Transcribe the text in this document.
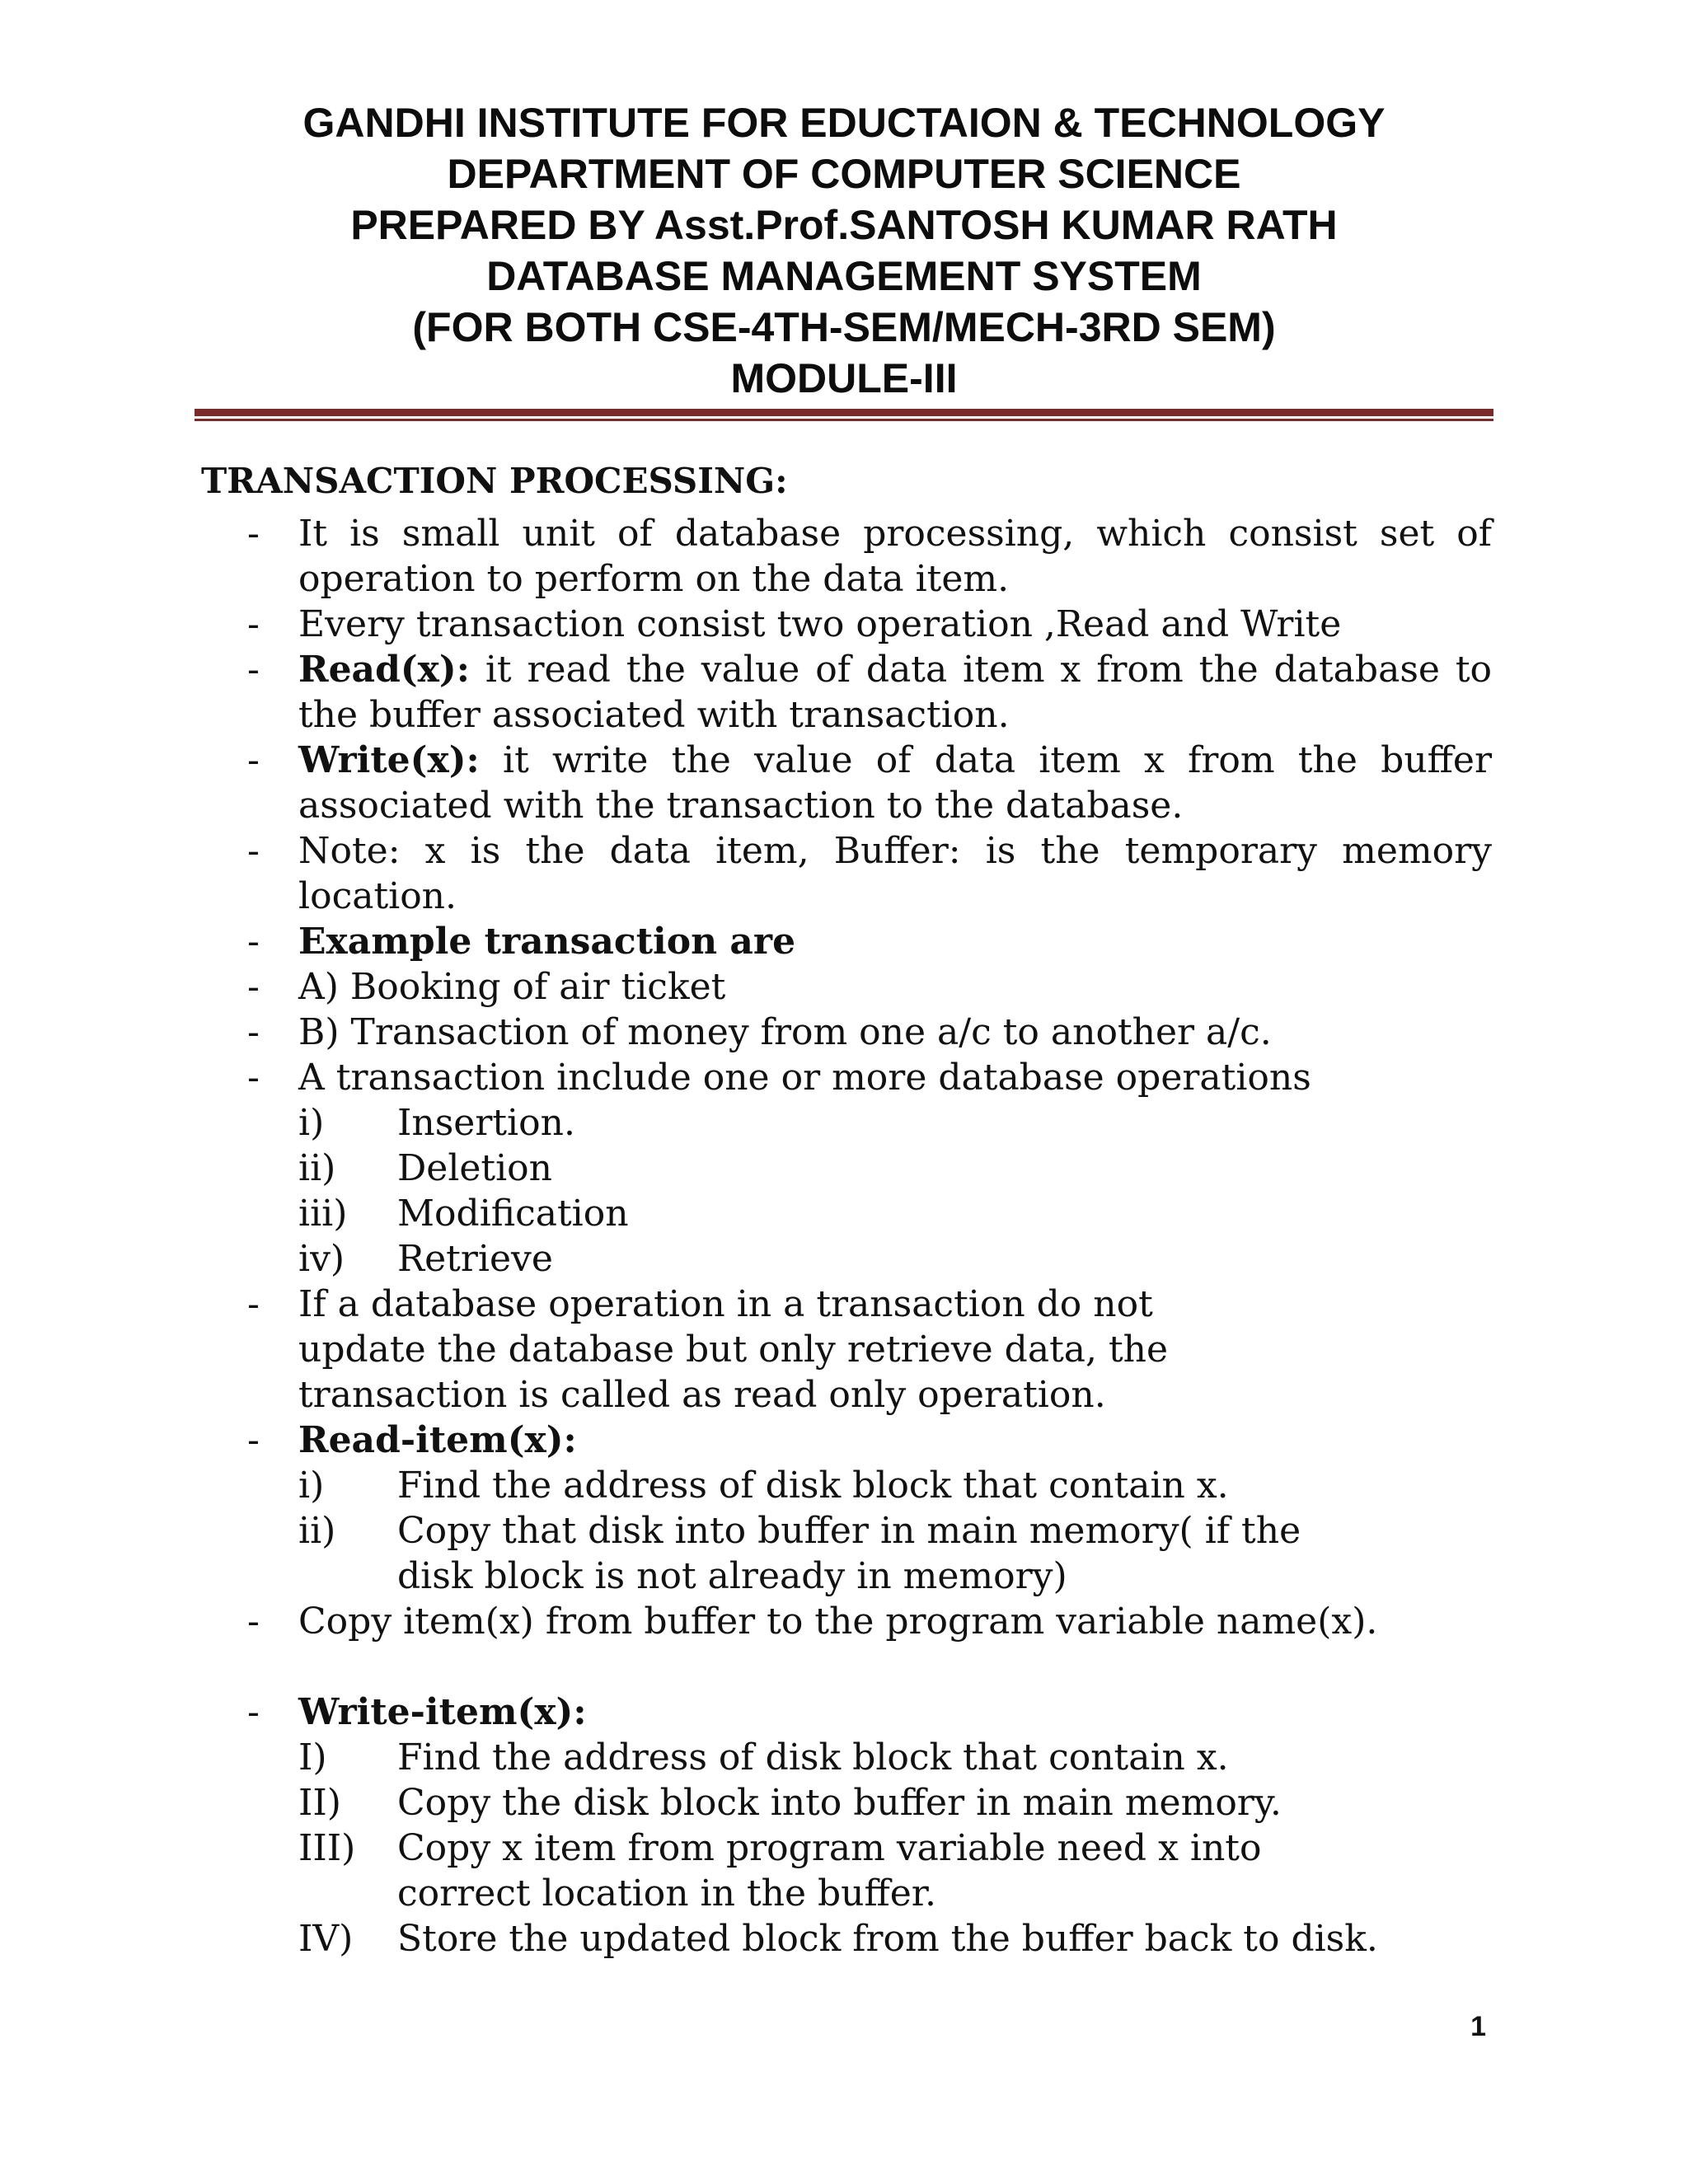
GANDHI INSTITUTE FOR EDUCTAION & TECHNOLOGY
DEPARTMENT OF COMPUTER SCIENCE
PREPARED BY Asst.Prof.SANTOSH KUMAR RATH
DATABASE MANAGEMENT SYSTEM
(FOR BOTH CSE-4TH-SEM/MECH-3RD SEM)
MODULE-III
TRANSACTION PROCESSING:
-	It is small unit of database processing, which consist set of operation to perform on the data item.
-	Every transaction consist two operation ,Read and Write
-	Read(x): it read the value of data item x from the database to the buffer associated with transaction.
-	Write(x): it write the value of data item x from the buffer associated with the transaction to the database.
-	Note: x is the data item, Buffer: is the temporary memory location.
-	Example transaction are
-	A) Booking of air ticket
-	B) Transaction of money from one a/c to another a/c.
-	A transaction include one or more database operations
i) Insertion.
ii) Deletion
iii) Modification
iv) Retrieve
-	If a database operation in a transaction do not update the database but only retrieve data, the transaction is called as read only operation.
-	Read-item(x):
i) Find the address of disk block that contain x.
ii) Copy that disk into buffer in main memory( if the disk block is not already in memory)
-	Copy item(x) from buffer to the program variable name(x).
-	Write-item(x):
I) Find the address of disk block that contain x.
II) Copy the disk block into buffer in main memory.
III) Copy x item from program variable need x into correct location in the buffer.
IV) Store the updated block from the buffer back to disk.
1
